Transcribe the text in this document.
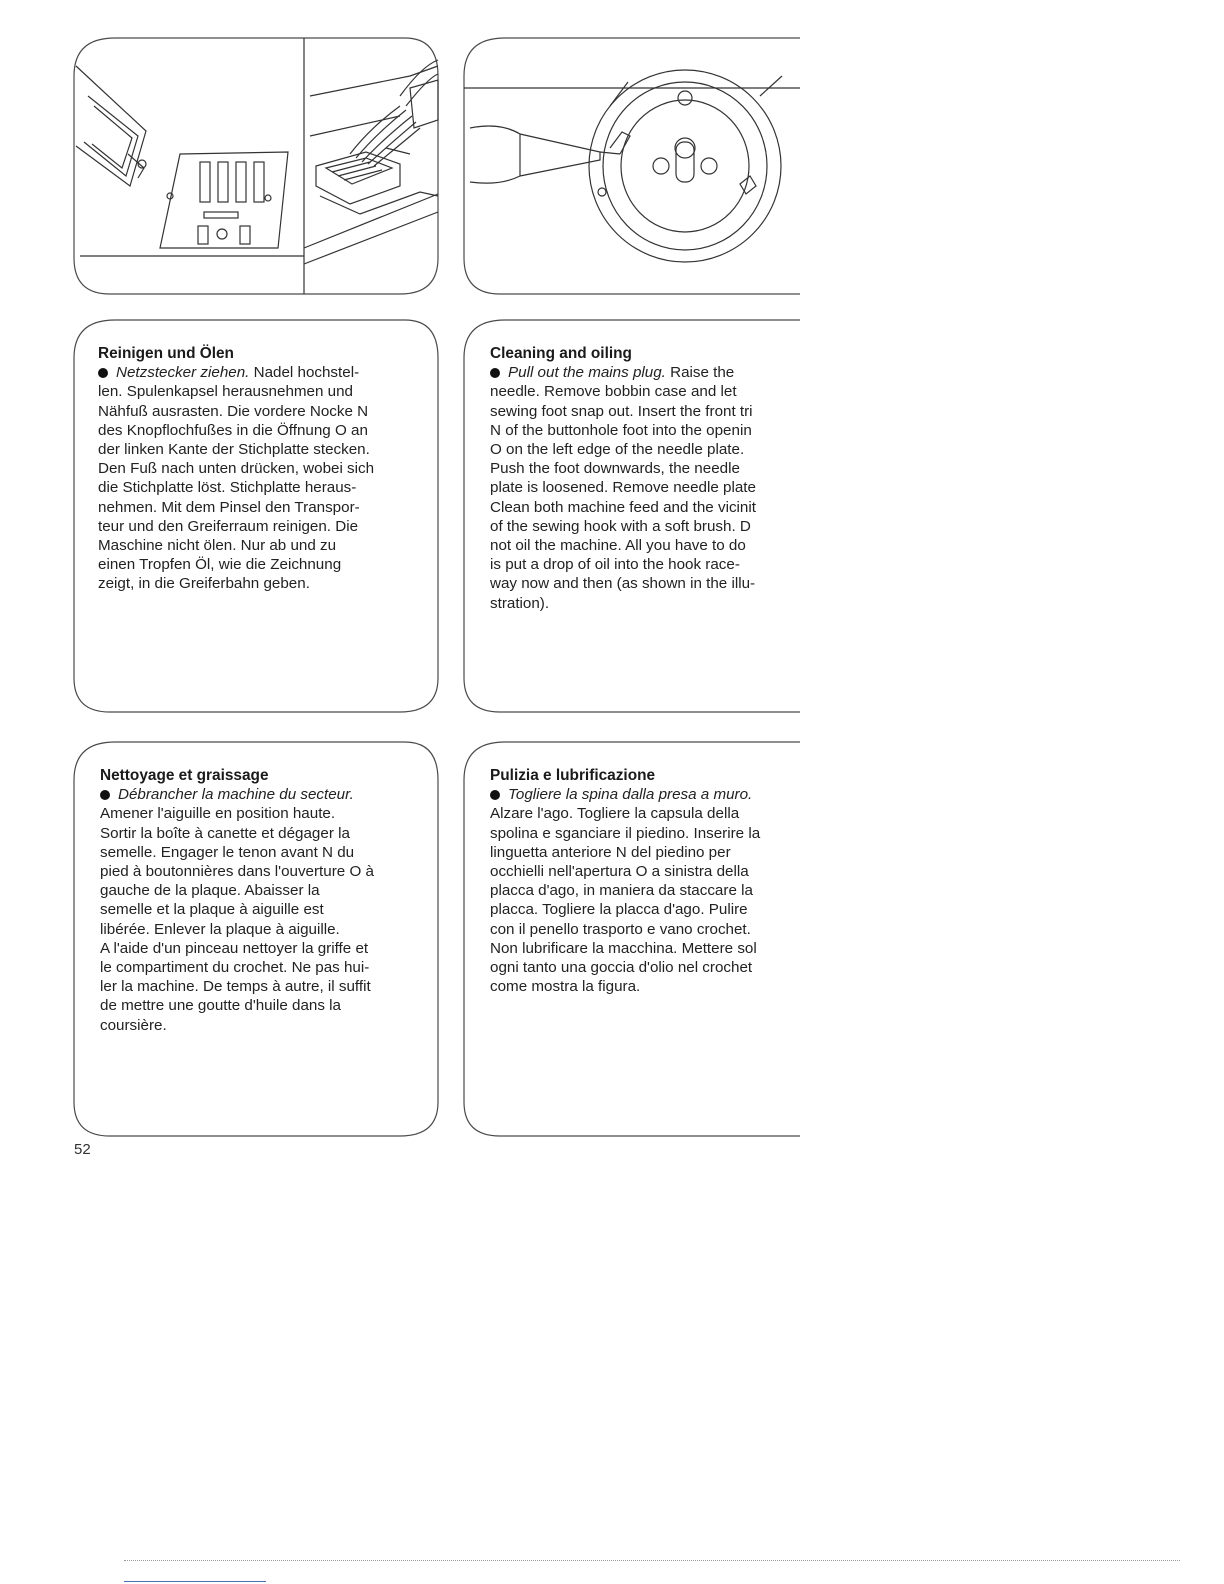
Reinigen und Ölen

Netzstecker ziehen. Nadel hochstel-

len. Spulenkapsel herausnehmen und

Nähfuß ausrasten. Die vordere Nocke N

des Knopflochfußes in die Öffnung O an

der linken Kante der Stichplatte stecken.

Den Fuß nach unten drücken, wobei sich

die Stichplatte löst. Stichplatte heraus-

nehmen. Mit dem Pinsel den Transpor-

teur und den Greiferraum reinigen. Die

Maschine nicht ölen. Nur ab und zu

einen Tropfen Öl, wie die Zeichnung

zeigt, in die Greiferbahn geben.

Cleaning and oiling

Pull out the mains plug. Raise the

needle. Remove bobbin case and let

sewing foot snap out. Insert the front tri

N of the buttonhole foot into the openin

O on the left edge of the needle plate.

Push the foot downwards, the needle

plate is loosened. Remove needle plate

Clean both machine feed and the vicinit

of the sewing hook with a soft brush. D

not oil the machine. All you have to do

is put a drop of oil into the hook race-

way now and then (as shown in the illu-

stration).

Nettoyage et graissage

Débrancher la machine du secteur.

Amener l'aiguille en position haute.

Sortir la boîte à canette et dégager la

semelle. Engager le tenon avant N du

pied à boutonnières dans l'ouverture O à

gauche de la plaque. Abaisser la

semelle et la plaque à aiguille est

libérée. Enlever la plaque à aiguille.

A l'aide d'un pinceau nettoyer la griffe et

le compartiment du crochet. Ne pas hui-

ler la machine. De temps à autre, il suffit

de mettre une goutte d'huile dans la

coursière.

Pulizia e lubrificazione

Togliere la spina dalla presa a muro.

Alzare l'ago. Togliere la capsula della

spolina e sganciare il piedino. Inserire la

linguetta anteriore N del piedino per

occhielli nell'apertura O a sinistra della

placca d'ago, in maniera da staccare la

placca. Togliere la placca d'ago. Pulire

con il penello trasporto e vano crochet.

Non lubrificare la macchina. Mettere sol

ogni tanto una goccia d'olio nel crochet

come mostra la figura.

52
